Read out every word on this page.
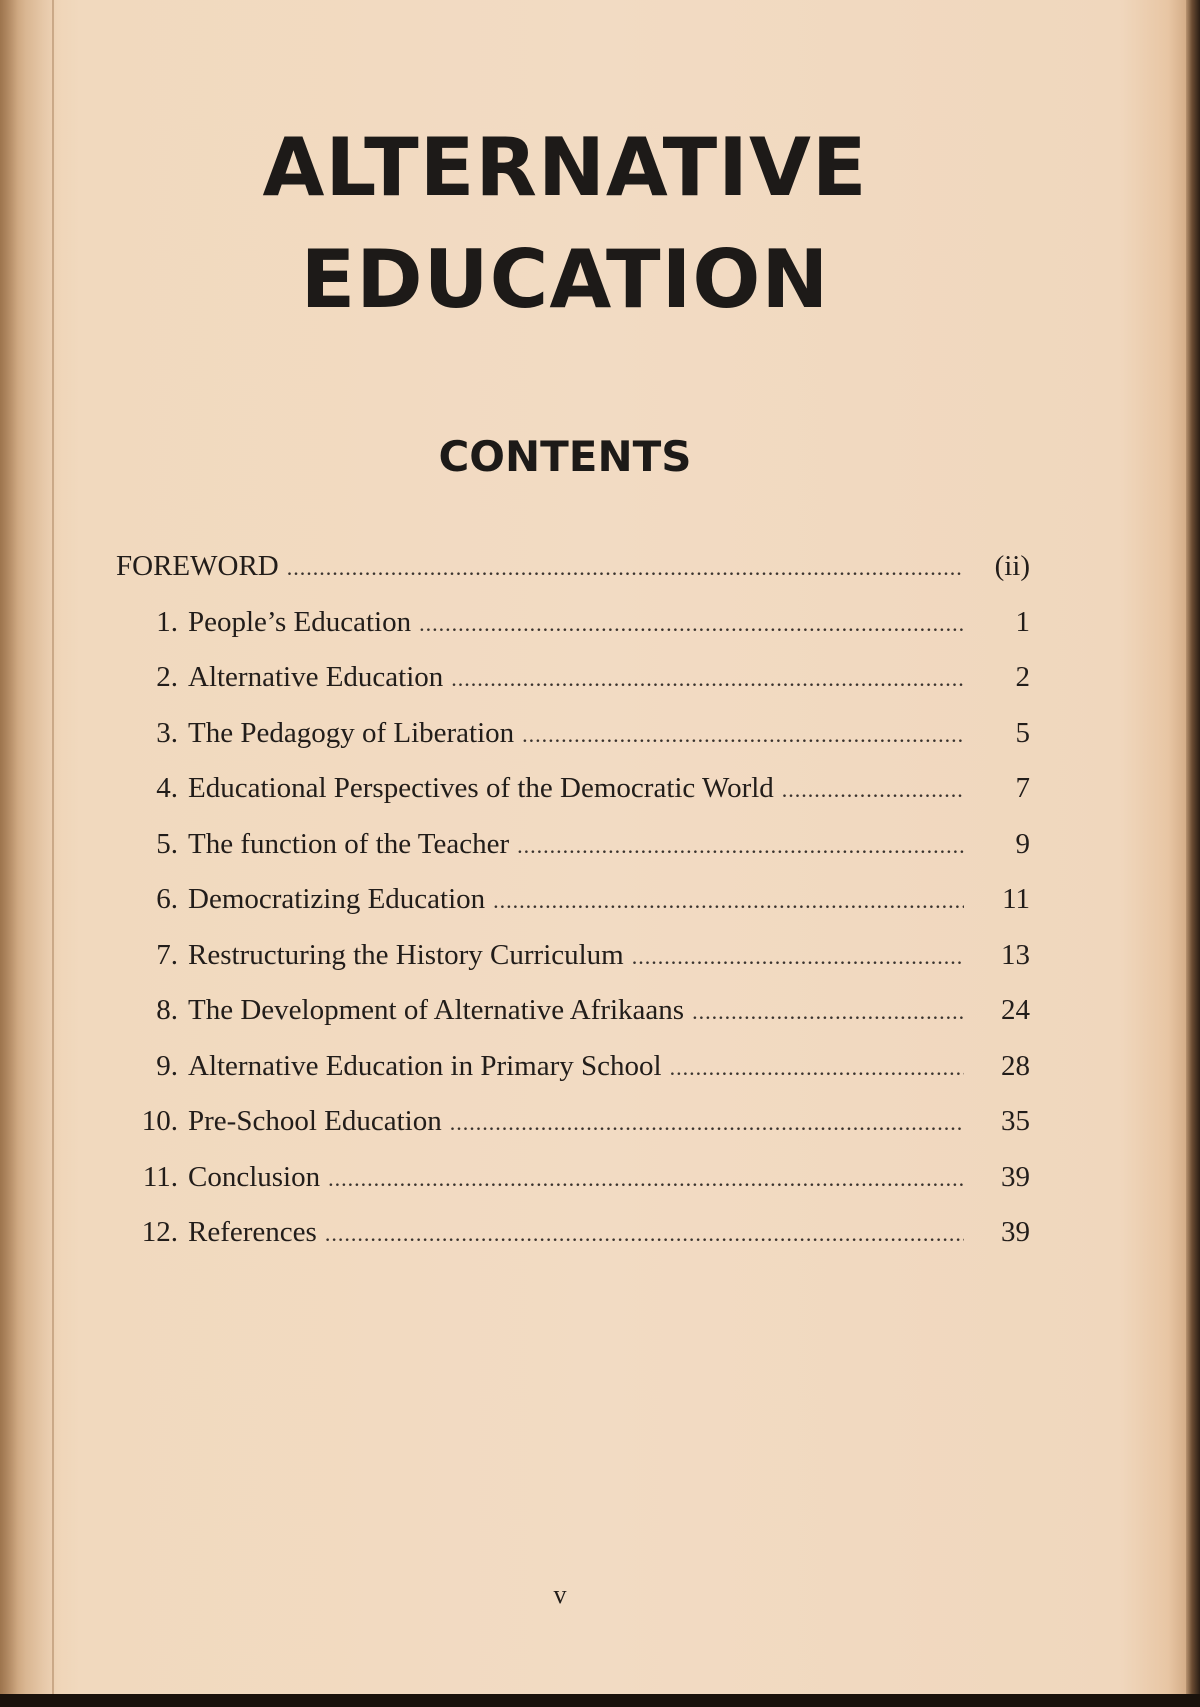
ALTERNATIVE
EDUCATION
CONTENTS
FOREWORD .....	(ii)
1. People’s Education .....	1
2. Alternative Education .....	2
3. The Pedagogy of Liberation .....	5
4. Educational Perspectives of the Democratic World .....	7
5. The function of the Teacher .....	9
6. Democratizing Education .....	11
7. Restructuring the History Curriculum .....	13
8. The Development of Alternative Afrikaans .....	24
9. Alternative Education in Primary School .....	28
10. Pre-School Education .....	35
11. Conclusion .....	39
12. References .....	39
v
